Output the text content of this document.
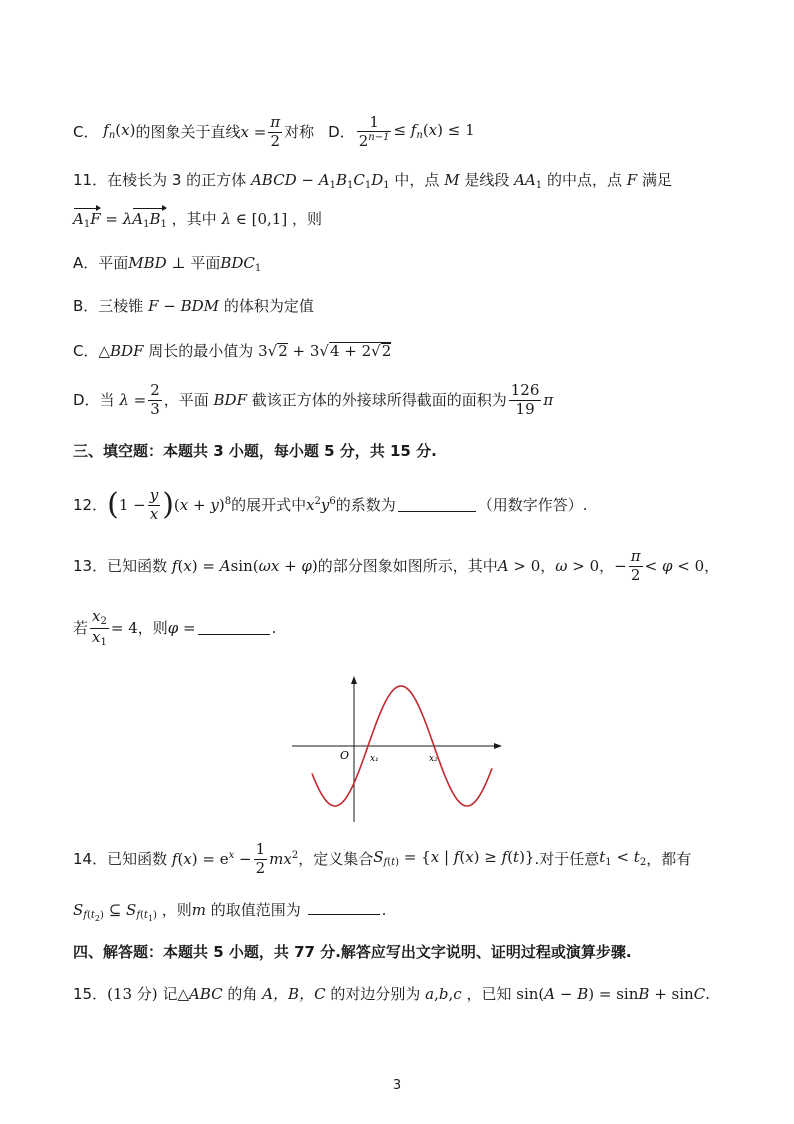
C． $f_n(x)$ 的图象关于直线 $x = \frac{\pi}{2}$ 对称 D． $\frac{1}{2^{n-1}} \le f_n(x) \le 1$
11．在棱长为 3 的正方体 ABCD − $A_1B_1C_1D_1$ 中，点 M 是线段 $AA_1$ 的中点，点 F 满足
$A_1F = \lambda A_1B_1$ ，其中 λ ∈ [0,1] ，则
A．平面MBD ⊥ 平面$BDC_1$
B．三棱锥 F − BDM 的体积为定值
C．△BDF 周长的最小值为 3√2 + 3√4 + 2√2
D．当 $\lambda = \frac{2}{3}$ ，平面 BDF 截该正方体的外接球所得截面的面积为 $\frac{126}{19}$ π
三、填空题：本题共 3 小题，每小题 5 分，共 15 分.
12． ( $1 - \frac{y}{x}$ ) $(x + y)^8$ 的展开式中 $x^2y^6$ 的系数为	（用数字作答）.
13． 已知函数 f(x) = Asin(ωx + φ) 的部分图象如图所示，其中 A > 0，ω > 0，− $\frac{\pi}{2} < \varphi < 0$，
若 $\frac{x_2}{x_1} = 4$ ，则 φ =	.
O x₁	x₂
14． 已知函数 $f(x) = e^x - \frac{1}{2} mx^2$ ，定义集合 $S_{f(t)} = \{x$ | f(x) ≥ f(t)} .对于任意 $t_1 < t_2$ ，都有
$S_{f(t_2)}$ ⊆ $S_{f(t_1)}$ ，则m 的取值范围为	.
四、解答题：本题共 5 小题，共 77 分.解答应写出文字说明、证明过程或演算步骤.
15．(13 分) 记△ABC 的角 A，B，C 的对边分别为 a,b,c ，已知 sin(A − B) = sinB + sinC.
3
